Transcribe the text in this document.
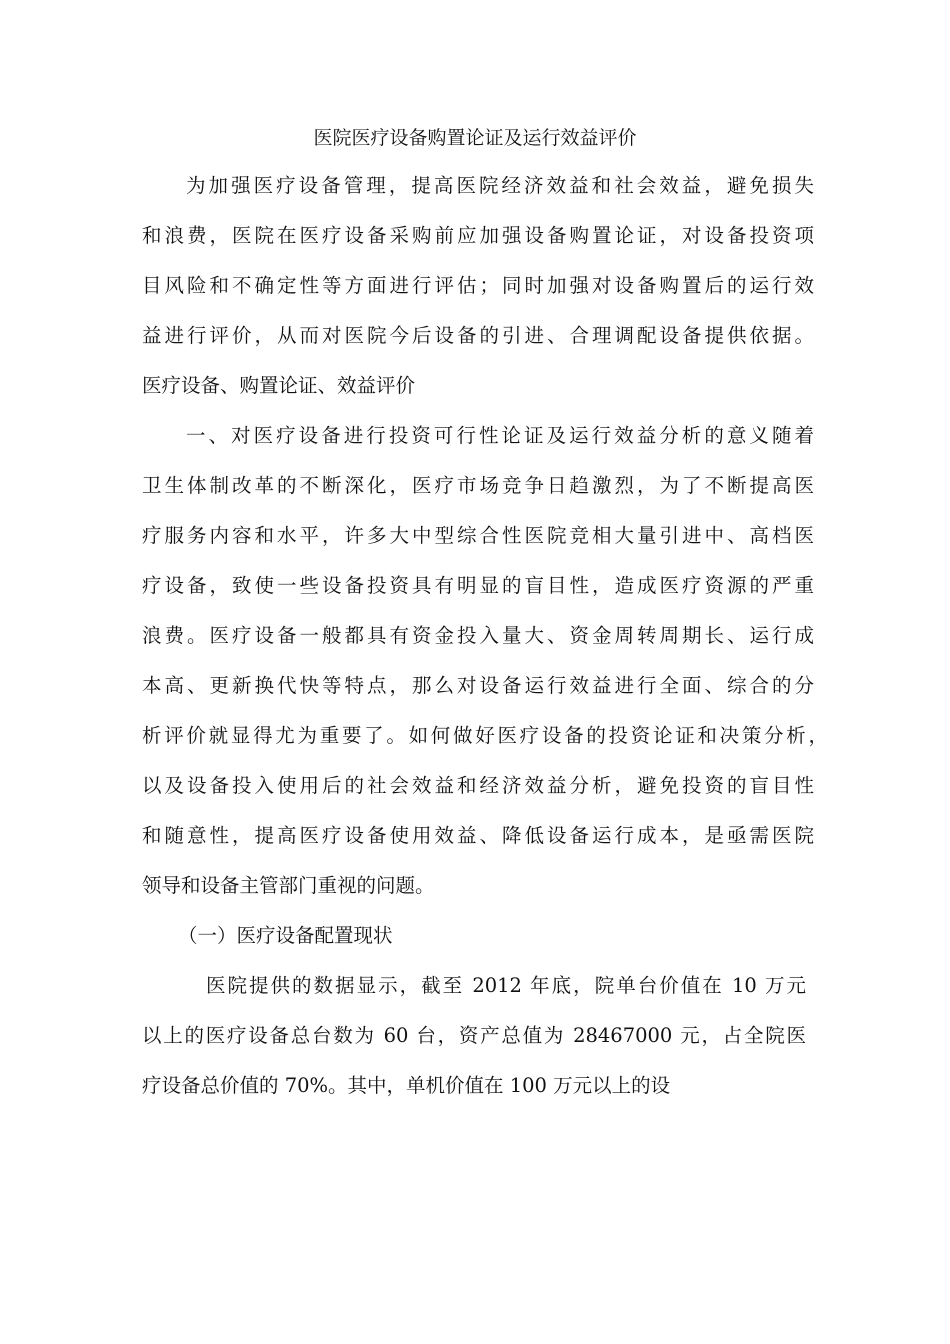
医院医疗设备购置论证及运行效益评价
为加强医疗设备管理，提高医院经济效益和社会效益，避免损失
和浪费，医院在医疗设备采购前应加强设备购置论证，对设备投资项
目风险和不确定性等方面进行评估；同时加强对设备购置后的运行效
益进行评价，从而对医院今后设备的引进、合理调配设备提供依据。
医疗设备、购置论证、效益评价
一、对医疗设备进行投资可行性论证及运行效益分析的意义随着
卫生体制改革的不断深化，医疗市场竞争日趋激烈，为了不断提高医
疗服务内容和水平，许多大中型综合性医院竞相大量引进中、高档医
疗设备，致使一些设备投资具有明显的盲目性，造成医疗资源的严重
浪费。医疗设备一般都具有资金投入量大、资金周转周期长、运行成
本高、更新换代快等特点，那么对设备运行效益进行全面、综合的分
析评价就显得尤为重要了。如何做好医疗设备的投资论证和决策分析，
以及设备投入使用后的社会效益和经济效益分析，避免投资的盲目性
和随意性，提高医疗设备使用效益、降低设备运行成本，是亟需医院
领导和设备主管部门重视的问题。
（一）医疗设备配置现状
医院提供的数据显示，截至 2012 年底，院单台价值在 10 万元
以上的医疗设备总台数为 60 台，资产总值为 28467000 元，占全院医
疗设备总价值的 70%。其中，单机价值在 100 万元以上的设
